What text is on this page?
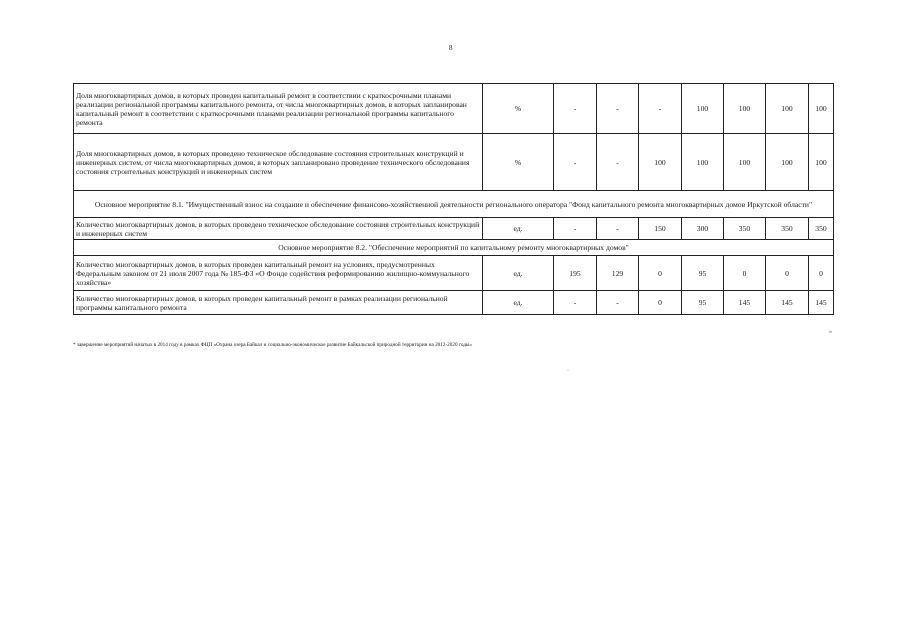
8
Доля многоквартирных домов, в которых проведен капитальный ремонт в соответствии с краткосрочными планами реализации региональной программы капитального ремонта, от числа многоквартирных домов, в которых запланирован капитальный ремонт в соответствии с краткосрочными планами реализации региональной программы капитального ремонта	%	-	-	-	100	100	100	100
Доля многоквартирных домов, в которых проведено техническое обследование состояния строительных конструкций и инженерных систем, от числа многоквартирных домов, в которых запланировано проведение технического обследования состояния строительных конструкций и инженерных систем	%	-	-	100	100	100	100	100
Основное мероприятие 8.1. "Имущественный взнос на создание и обеспечение финансово-хозяйственной деятельности регионального оператора "Фонд капитального ремонта многоквартирных домов Иркутской области"								
Количество многоквартирных домов, в которых проведено техническое обследование состояния строительных конструкций и инженерных систем	ед.	-	-	150	300	350	350	350
Основное мероприятие 8.2. "Обеспечение мероприятий по капитальному ремонту многоквартирных домов"								
Количество многоквартирных домов, в которых проведен капитальный ремонт на условиях, предусмотренных Федеральным законом от 21 июля 2007 года № 185-ФЗ «О Фонде содействия реформированию жилищно-коммунального хозяйства»	ед.	195	129	0	95	0	0	0
Количество многоквартирных домов, в которых проведен капитальный ремонт в рамках реализации региональной программы капитального ремонта	ед.	-	-	0	95	145	145	145
* завершение мероприятий начатых в 2014 году в рамках ФЦП «Охрана озера Байкал и социально-экономическое развитие Байкальской природной территории на 2012-2020 годы»
»
·
